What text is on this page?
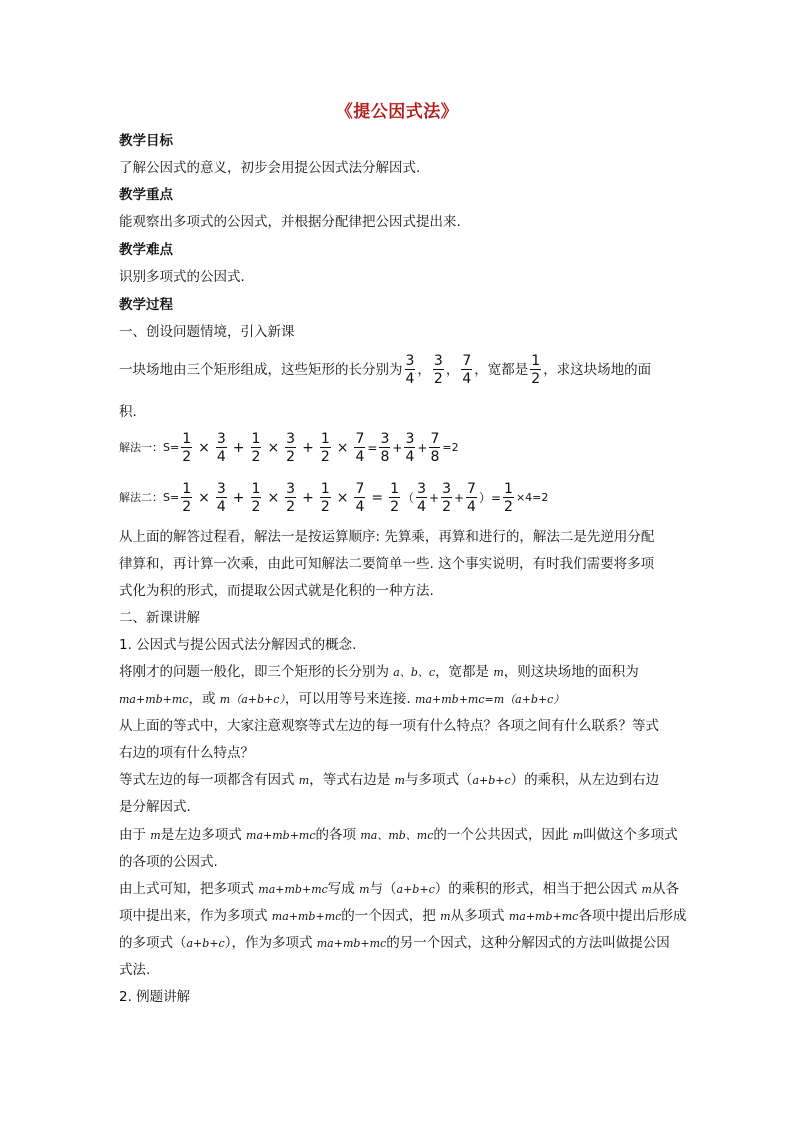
《提公因式法》
教学目标
了解公因式的意义，初步会用提公因式法分解因式.
教学重点
能观察出多项式的公因式，并根据分配律把公因式提出来.
教学难点
识别多项式的公因式.
教学过程
一、创设问题情境，引入新课
一块场地由三个矩形组成，这些矩形的长分别为 $\frac{3}{4}$ ， $\frac{3}{2}$ ， $\frac{7}{4}$ ，宽都是 $\frac{1}{2}$ ，求这块场地的面
积.
解法一：$S= \frac{1}{2} \times \frac{3}{4} + \frac{1}{2} \times \frac{3}{2} + \frac{1}{2} \times \frac{7}{4} = \frac{3}{8} + \frac{3}{4} + \frac{7}{8} =2$
解法二：$S= \frac{1}{2} \times \frac{3}{4} + \frac{1}{2} \times \frac{3}{2} + \frac{1}{2} \times \frac{7}{4} = \frac{1}{2}$ （ $\frac{3}{4} + \frac{3}{2} + \frac{7}{4}$ ）= $\frac{1}{2} \times 4=2$
从上面的解答过程看，解法一是按运算顺序: 先算乘，再算和进行的，解法二是先逆用分配
律算和，再计算一次乘，由此可知解法二要简单一些. 这个事实说明，有时我们需要将多项
式化为积的形式，而提取公因式就是化积的一种方法.
二、新课讲解
1. 公因式与提公因式法分解因式的概念.
将刚才的问题一般化，即三个矩形的长分别为 a、b、c，宽都是 m，则这块场地的面积为
ma+mb+mc，或 m（a+b+c），可以用等号来连接. ma+mb+mc=m（a+b+c）
从上面的等式中，大家注意观察等式左边的每一项有什么特点？各项之间有什么联系？等式
右边的项有什么特点？
等式左边的每一项都含有因式 m，等式右边是 m与多项式（a+b+c）的乘积，从左边到右边
是分解因式.
由于 m是左边多项式 ma+mb+mc的各项 ma、mb、mc的一个公共因式，因此 m叫做这个多项式
的各项的公因式.
由上式可知，把多项式 ma+mb+mc写成 m与（a+b+c）的乘积的形式，相当于把公因式 m从各
项中提出来，作为多项式 ma+mb+mc的一个因式，把 m从多项式 ma+mb+mc各项中提出后形成
的多项式（a+b+c），作为多项式 ma+mb+mc的另一个因式，这种分解因式的方法叫做提公因
式法.
2. 例题讲解
